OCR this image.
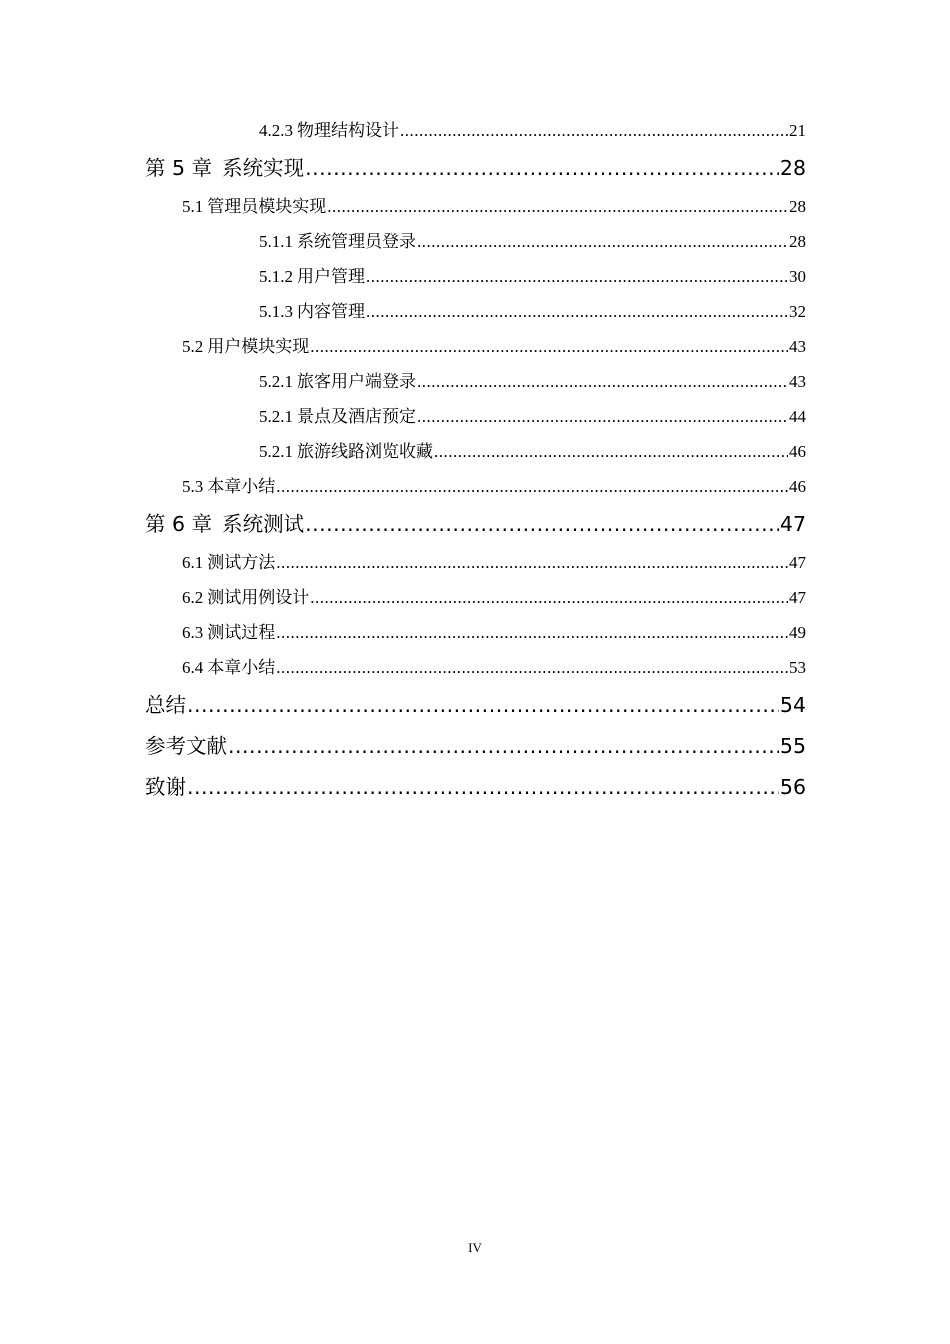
4.2.3 物理结构设计 .....	21
第 5 章 系统实现 .....	28
5.1 管理员模块实现 .....	28
5.1.1 系统管理员登录 .....	28
5.1.2 用户管理 .....	30
5.1.3 内容管理 .....	32
5.2 用户模块实现 .....	43
5.2.1 旅客用户端登录 .....	43
5.2.1 景点及酒店预定 .....	44
5.2.1 旅游线路浏览收藏 .....	46
5.3 本章小结 .....	46
第 6 章 系统测试 .....	47
6.1 测试方法 .....	47
6.2 测试用例设计 .....	47
6.3 测试过程 .....	49
6.4 本章小结 .....	53
总结 .....	54
参考文献 .....	55
致谢 .....	56
IV
